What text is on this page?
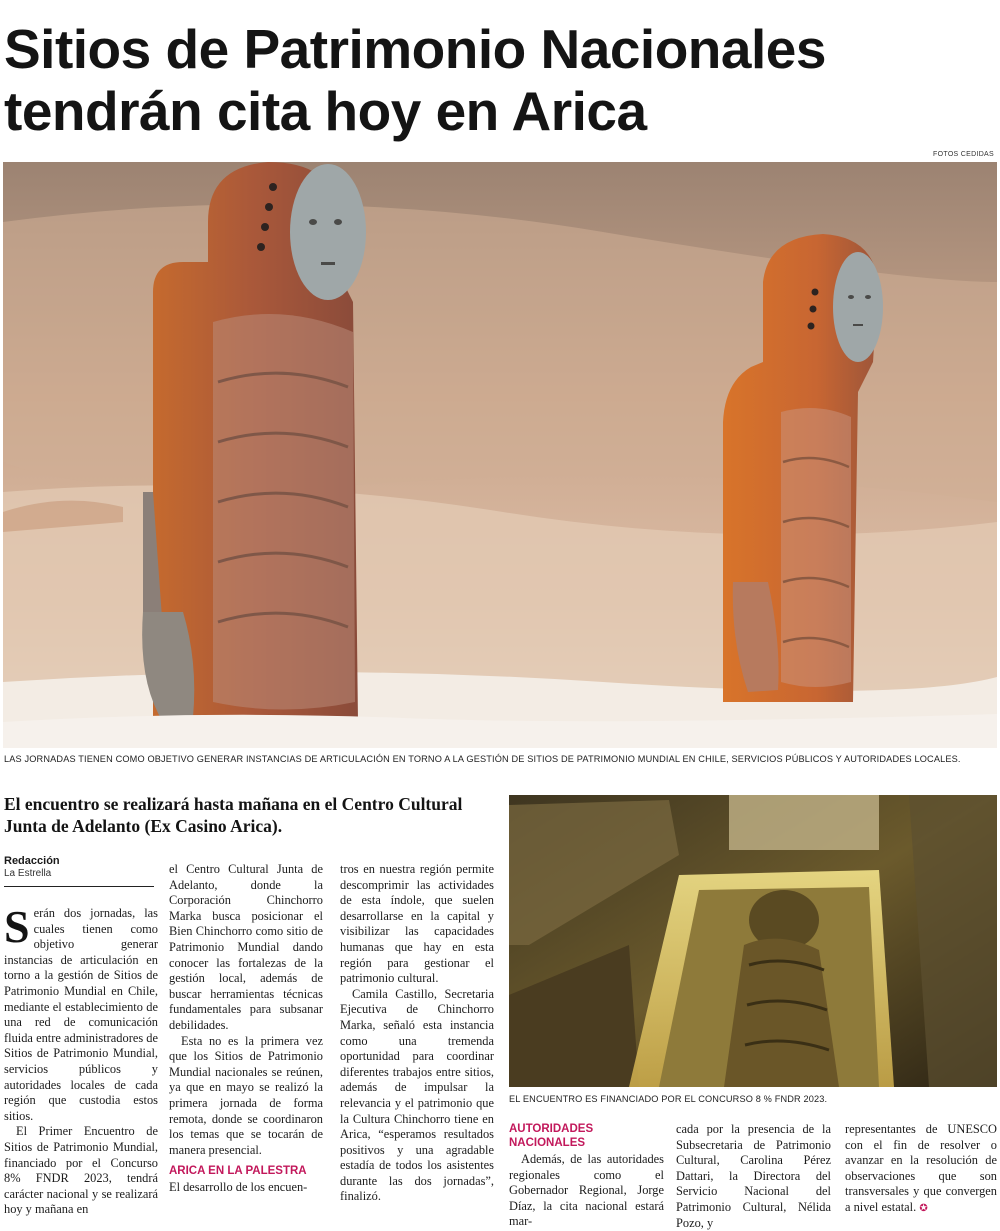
Sitios de Patrimonio Nacionales
tendrán cita hoy en Arica
FOTOS CEDIDAS
LAS JORNADAS TIENEN COMO OBJETIVO GENERAR INSTANCIAS DE ARTICULACIÓN EN TORNO A LA GESTIÓN DE SITIOS DE PATRIMONIO MUNDIAL EN CHILE, SERVICIOS PÚBLICOS Y AUTORIDADES LOCALES.
El encuentro se realizará hasta mañana en el Centro Cultural Junta de Adelanto (Ex Casino Arica).
Redacción
La Estrella

Serán dos jornadas, las cuales tienen como objetivo generar instancias de articulación en torno a la gestión de Sitios de Patrimonio Mundial en Chile, mediante el establecimiento de una red de comunicación fluida entre administradores de Sitios de Patrimonio Mundial, servicios públicos y autoridades locales de cada región que custodia estos sitios.

El Primer Encuentro de Sitios de Patrimonio Mundial, financiado por el Concurso 8% FNDR 2023, tendrá carácter nacional y se realizará hoy y mañana en

el Centro Cultural Junta de Adelanto, donde la Corporación Chinchorro Marka busca posicionar el Bien Chinchorro como sitio de Patrimonio Mundial dando conocer las fortalezas de la gestión local, además de buscar herramientas técnicas fundamentales para subsanar debilidades.

Esta no es la primera vez que los Sitios de Patrimonio Mundial nacionales se reúnen, ya que en mayo se realizó la primera jornada de forma remota, donde se coordinaron los temas que se tocarán de manera presencial.

ARICA EN LA PALESTRA

El desarrollo de los encuen-

tros en nuestra región permite descomprimir las actividades de esta índole, que suelen desarrollarse en la capital y visibilizar las capacidades humanas que hay en esta región para gestionar el patrimonio cultural.

Camila Castillo, Secretaria Ejecutiva de Chinchorro Marka, señaló esta instancia como una tremenda oportunidad para coordinar diferentes trabajos entre sitios, además de impulsar la relevancia y el patrimonio que la Cultura Chinchorro tiene en Arica, “esperamos resultados positivos y una agradable estadía de todos los asistentes durante las dos jornadas”, finalizó.

EL ENCUENTRO ES FINANCIADO POR EL CONCURSO 8 % FNDR 2023.
AUTORIDADES NACIONALES

Además, de las autoridades regionales como el Gobernador Regional, Jorge Díaz, la cita nacional estará mar-

cada por la presencia de la Subsecretaria de Patrimonio Cultural, Carolina Pérez Dattari, la Directora del Servicio Nacional del Patrimonio Cultural, Nélida Pozo, y

representantes de UNESCO con el fin de resolver o avanzar en la resolución de observaciones que son transversales y que convergen a nivel estatal. ✪
